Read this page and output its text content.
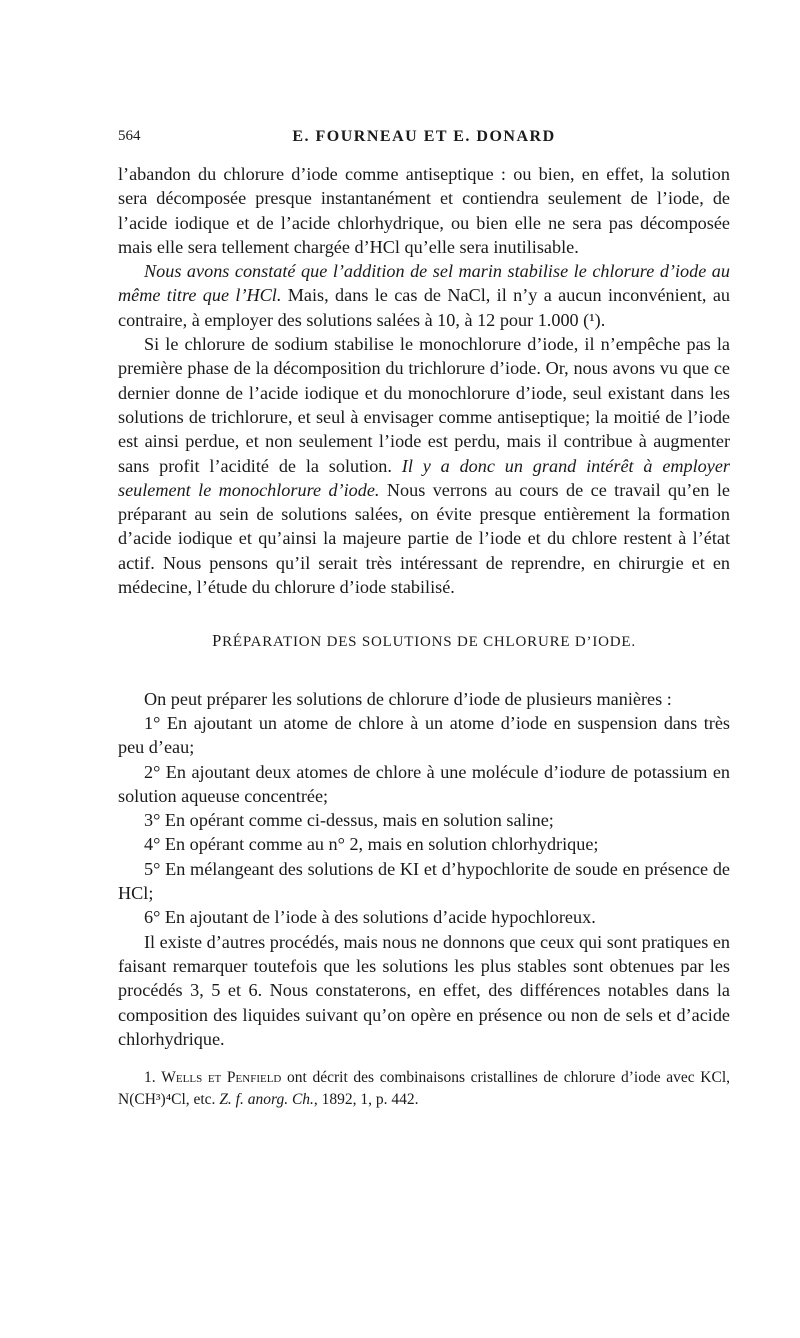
564	E. FOURNEAU ET E. DONARD

l’abandon du chlorure d’iode comme antiseptique : ou bien, en effet, la solution sera décomposée presque instantanément et contiendra seulement de l’iode, de l’acide iodique et de l’acide chlorhydrique, ou bien elle ne sera pas décomposée mais elle sera tellement chargée d’HCl qu’elle sera inutilisable.

Nous avons constaté que l’addition de sel marin stabilise le chlorure d’iode au même titre que l’HCl. Mais, dans le cas de NaCl, il n’y a aucun inconvénient, au contraire, à employer des solutions salées à 10, à 12 pour 1.000 (¹).

Si le chlorure de sodium stabilise le monochlorure d’iode, il n’empêche pas la première phase de la décomposition du trichlorure d’iode. Or, nous avons vu que ce dernier donne de l’acide iodique et du monochlorure d’iode, seul existant dans les solutions de trichlorure, et seul à envisager comme antiseptique; la moitié de l’iode est ainsi perdue, et non seulement l’iode est perdu, mais il contribue à augmenter sans profit l’acidité de la solution. Il y a donc un grand intérêt à employer seulement le monochlorure d’iode. Nous verrons au cours de ce travail qu’en le préparant au sein de solutions salées, on évite presque entièrement la formation d’acide iodique et qu’ainsi la majeure partie de l’iode et du chlore restent à l’état actif. Nous pensons qu’il serait très intéressant de reprendre, en chirurgie et en médecine, l’étude du chlorure d’iode stabilisé.

PRÉPARATION DES SOLUTIONS DE CHLORURE D’IODE.

On peut préparer les solutions de chlorure d’iode de plusieurs manières :

1° En ajoutant un atome de chlore à un atome d’iode en suspension dans très peu d’eau;

2° En ajoutant deux atomes de chlore à une molécule d’iodure de potassium en solution aqueuse concentrée;

3° En opérant comme ci-dessus, mais en solution saline;

4° En opérant comme au n° 2, mais en solution chlorhydrique;

5° En mélangeant des solutions de KI et d’hypochlorite de soude en présence de HCl;

6° En ajoutant de l’iode à des solutions d’acide hypochloreux.

Il existe d’autres procédés, mais nous ne donnons que ceux qui sont pratiques en faisant remarquer toutefois que les solutions les plus stables sont obtenues par les procédés 3, 5 et 6. Nous constaterons, en effet, des différences notables dans la composition des liquides suivant qu’on opère en présence ou non de sels et d’acide chlorhydrique.

1. Wells et Penfield ont décrit des combinaisons cristallines de chlorure d’iode avec KCl, N(CH³)⁴Cl, etc. Z. f. anorg. Ch., 1892, 1, p. 442.
